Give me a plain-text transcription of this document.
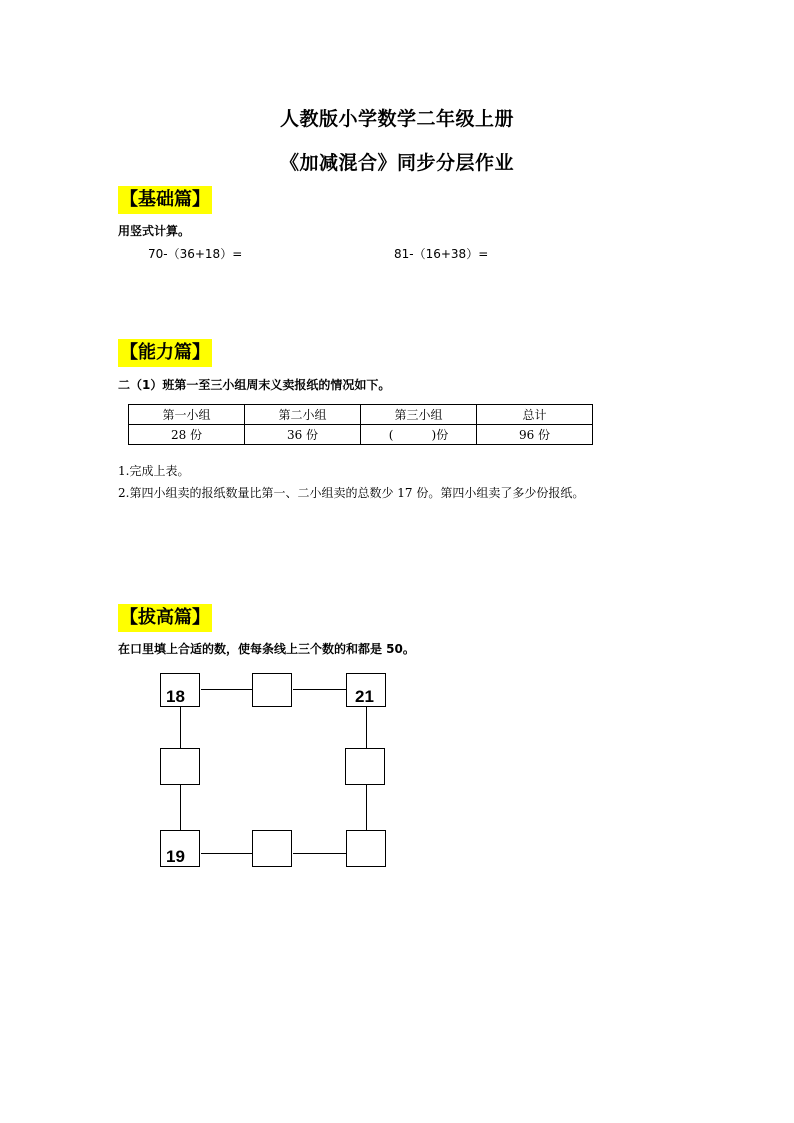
人教版小学数学二年级上册
《加减混合》同步分层作业
【基础篇】
用竖式计算。
70-（36+18）=	81-（16+38）=
【能力篇】
二（1）班第一至三小组周末义卖报纸的情况如下。
第一小组	第二小组	第三小组	总计
28 份	36 份	(          )份	96 份
1.完成上表。
2.第四小组卖的报纸数量比第一、二小组卖的总数少 17 份。第四小组卖了多少份报纸。
【拔高篇】
在口里填上合适的数，使每条线上三个数的和都是 50。
18	21
19
